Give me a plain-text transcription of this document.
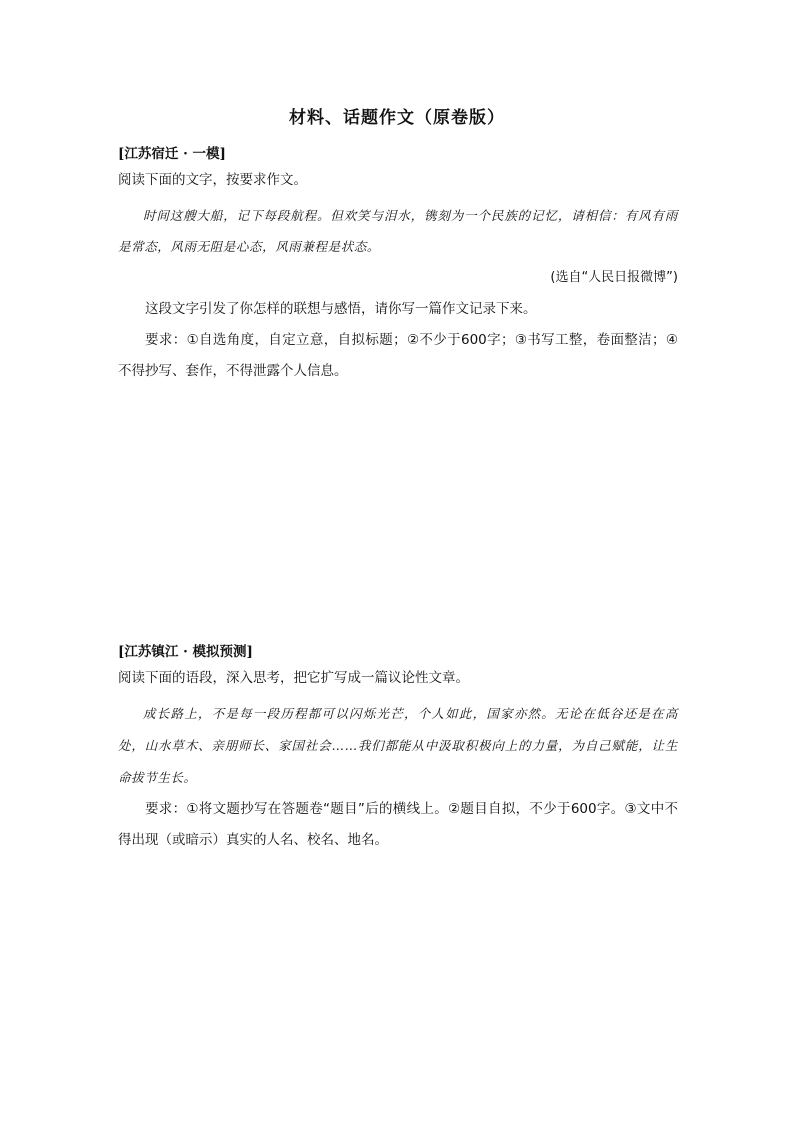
材料、话题作文（原卷版）
[江苏宿迁 · 一模]
阅读下面的文字，按要求作文。
时间这艘大船，记下每段航程。但欢笑与泪水，镌刻为一个民族的记忆，请相信：有风有雨是常态，风雨无阻是心态，风雨兼程是状态。
(选自“人民日报微博”)
这段文字引发了你怎样的联想与感悟，请你写一篇作文记录下来。
要求：①自选角度，自定立意，自拟标题；②不少于600字；③书写工整，卷面整洁；④不得抄写、套作，不得泄露个人信息。
[江苏镇江 · 模拟预测]
阅读下面的语段，深入思考，把它扩写成一篇议论性文章。
成长路上，不是每一段历程都可以闪烁光芒，个人如此，国家亦然。无论在低谷还是在高处，山水草木、亲朋师长、家国社会……我们都能从中汲取积极向上的力量，为自己赋能，让生命拔节生长。
要求：①将文题抄写在答题卷“题目”后的横线上。②题目自拟，不少于600字。③文中不得出现（或暗示）真实的人名、校名、地名。
